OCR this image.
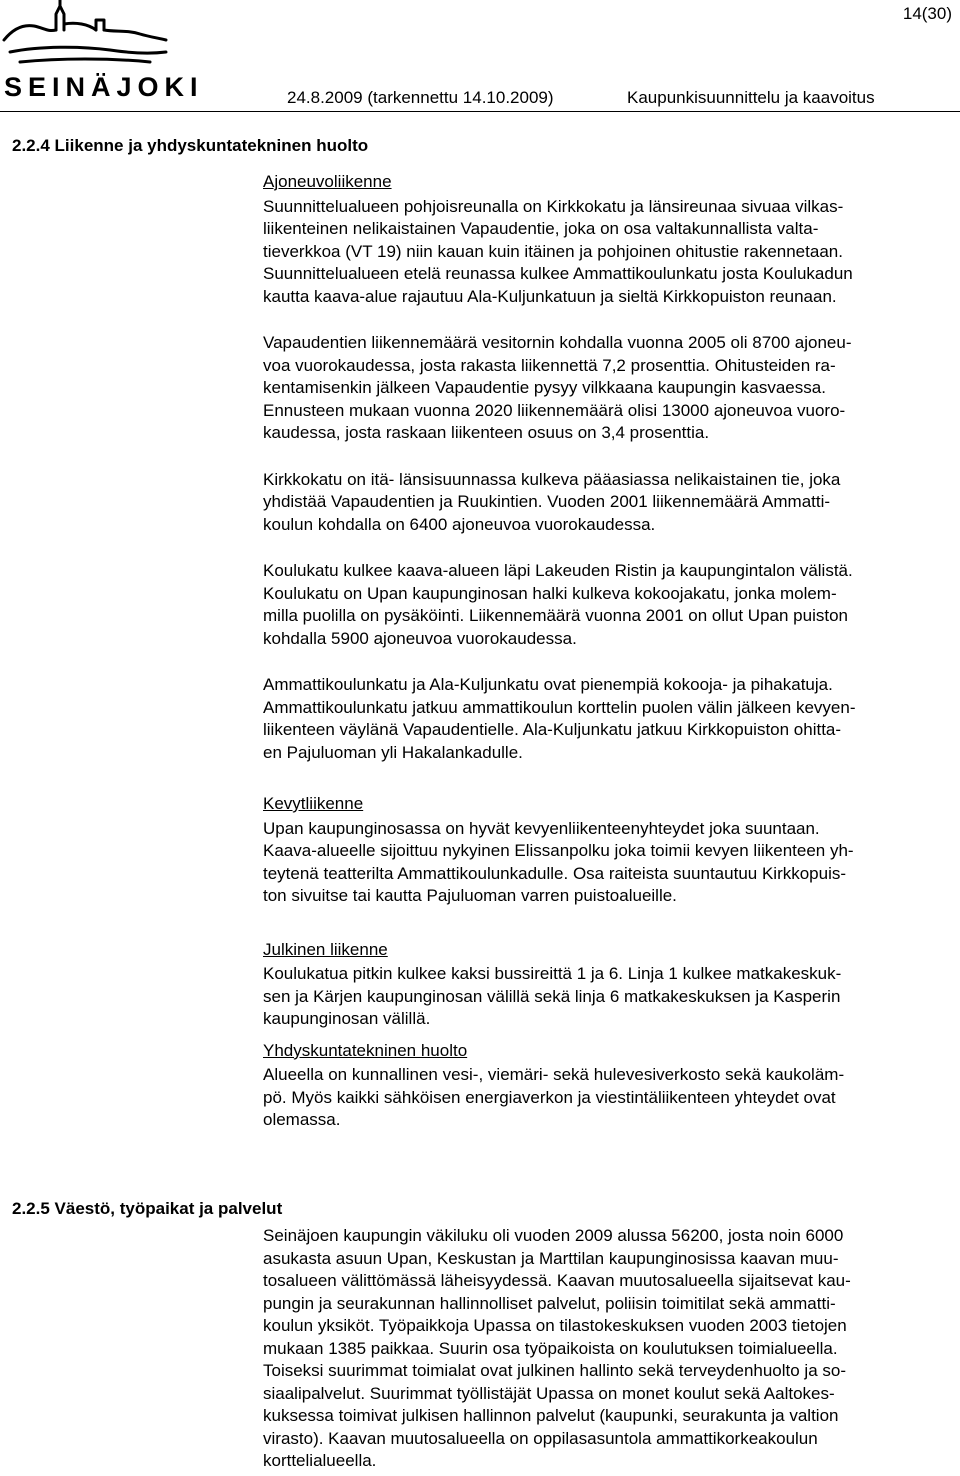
SEINÄJOKI
14(30)
24.8.2009 (tarkennettu 14.10.2009)	Kaupunkisuunnittelu ja kaavoitus
2.2.4 Liikenne ja yhdyskuntatekninen huolto

Ajoneuvoliikenne

Suunnittelualueen pohjoisreunalla on Kirkkokatu ja länsireunaa sivuaa vilkas-
liikenteinen nelikaistainen Vapaudentie, joka on osa valtakunnallista valta-
tieverkkoa (VT 19) niin kauan kuin itäinen ja pohjoinen ohitustie rakennetaan.
Suunnittelualueen etelä reunassa kulkee Ammattikoulunkatu josta Koulukadun
kautta kaava-alue rajautuu Ala-Kuljunkatuun ja sieltä Kirkkopuiston reunaan.

Vapaudentien liikennemäärä vesitornin kohdalla vuonna 2005 oli 8700 ajoneu-
voa vuorokaudessa, josta rakasta liikennettä 7,2 prosenttia. Ohitusteiden ra-
kentamisenkin jälkeen Vapaudentie pysyy vilkkaana kaupungin kasvaessa.
Ennusteen mukaan vuonna 2020 liikennemäärä olisi 13000 ajoneuvoa vuoro-
kaudessa, josta raskaan liikenteen osuus on 3,4 prosenttia.

Kirkkokatu on itä- länsisuunnassa kulkeva pääasiassa nelikaistainen tie, joka
yhdistää Vapaudentien ja Ruukintien. Vuoden 2001 liikennemäärä Ammatti-
koulun kohdalla on 6400 ajoneuvoa vuorokaudessa.

Koulukatu kulkee kaava-alueen läpi Lakeuden Ristin ja kaupungintalon välistä.
Koulukatu on Upan kaupunginosan halki kulkeva kokoojakatu, jonka molem-
milla puolilla on pysäköinti. Liikennemäärä vuonna 2001 on ollut Upan puiston
kohdalla 5900 ajoneuvoa vuorokaudessa.

Ammattikoulunkatu ja Ala-Kuljunkatu ovat pienempiä kokooja- ja pihakatuja.
Ammattikoulunkatu jatkuu ammattikoulun korttelin puolen välin jälkeen kevyen-
liikenteen väylänä Vapaudentielle. Ala-Kuljunkatu jatkuu Kirkkopuiston ohitta-
en Pajuluoman yli Hakalankadulle.

Kevytliikenne

Upan kaupunginosassa on hyvät kevyenliikenteenyhteydet joka suuntaan.
Kaava-alueelle sijoittuu nykyinen Elissanpolku joka toimii kevyen liikenteen yh-
teytenä teatterilta Ammattikoulunkadulle. Osa raiteista suuntautuu Kirkkopuis-
ton sivuitse tai kautta Pajuluoman varren puistoalueille.

Julkinen liikenne

Koulukatua pitkin kulkee kaksi bussireittä 1 ja 6. Linja 1 kulkee matkakeskuk-
sen ja Kärjen kaupunginosan välillä sekä linja 6 matkakeskuksen ja Kasperin
kaupunginosan välillä.

Yhdyskuntatekninen huolto

Alueella on kunnallinen vesi-, viemäri- sekä hulevesiverkosto sekä kaukoläm-
pö. Myös kaikki sähköisen energiaverkon ja viestintäliikenteen yhteydet ovat
olemassa.

2.2.5 Väestö, työpaikat ja palvelut

Seinäjoen kaupungin väkiluku oli vuoden 2009 alussa 56200, josta noin 6000
asukasta asuun Upan, Keskustan ja Marttilan kaupunginosissa kaavan muu-
tosalueen välittömässä läheisyydessä. Kaavan muutosalueella sijaitsevat kau-
pungin ja seurakunnan hallinnolliset palvelut, poliisin toimitilat sekä ammatti-
koulun yksiköt. Työpaikkoja Upassa on tilastokeskuksen vuoden 2003 tietojen
mukaan 1385 paikkaa. Suurin osa työpaikoista on koulutuksen toimialueella.
Toiseksi suurimmat toimialat ovat julkinen hallinto sekä terveydenhuolto ja so-
siaalipalvelut. Suurimmat työllistäjät Upassa on monet koulut sekä Aaltokes-
kuksessa toimivat julkisen hallinnon palvelut (kaupunki, seurakunta ja valtion
virasto). Kaavan muutosalueella on oppilasasuntola ammattikorkeakoulun
korttelialueella.
